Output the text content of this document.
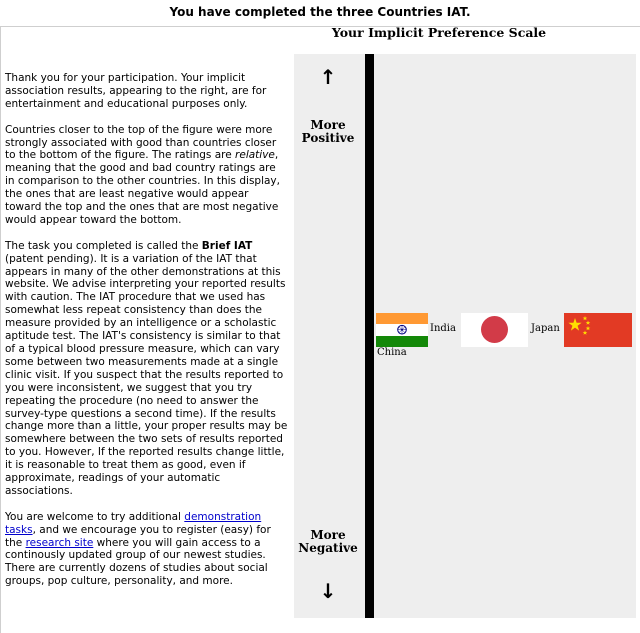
You have completed the three Countries IAT.
Your Implicit Preference Scale

Thank you for your participation. Your implicit association results, appearing to the right, are for entertainment and educational purposes only.

Countries closer to the top of the figure were more strongly associated with good than countries closer to the bottom of the figure. The ratings are relative, meaning that the good and bad country ratings are in comparison to the other countries. In this display, the ones that are least negative would appear toward the top and the ones that are most negative would appear toward the bottom.

The task you completed is called the Brief IAT (patent pending). It is a variation of the IAT that appears in many of the other demonstrations at this website. We advise interpreting your reported results with caution. The IAT procedure that we used has somewhat less repeat consistency than does the measure provided by an intelligence or a scholastic aptitude test. The IAT's consistency is similar to that of a typical blood pressure measure, which can vary some between two measurements made at a single clinic visit. If you suspect that the results reported to you were inconsistent, we suggest that you try repeating the procedure (no need to answer the survey-type questions a second time). If the results change more than a little, your proper results may be somewhere between the two sets of results reported to you. However, If the reported results change little, it is reasonable to treat them as good, even if approximate, readings of your automatic associations.

You are welcome to try additional demonstration tasks, and we encourage you to register (easy) for the research site where you will gain access to a continously updated group of our newest studies. There are currently dozens of studies about social groups, pop culture, personality, and more.

↑
More
Positive
More
Negative
↓
India
China
Japan
